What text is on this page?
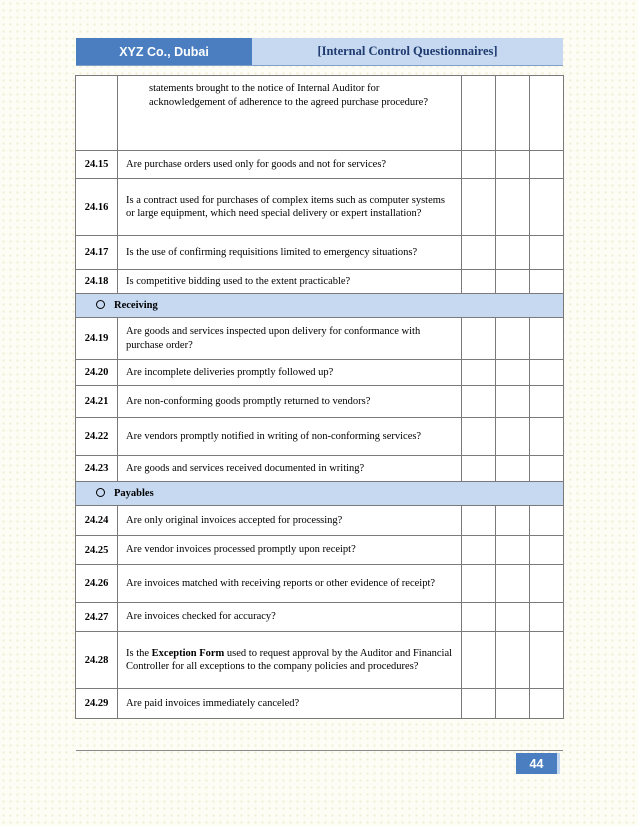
XYZ Co., Dubai	[Internal Control Questionnaires]
	statements brought to the notice of Internal Auditor for acknowledgement of adherence to the agreed purchase procedure?			
24.15	Are purchase orders used only for goods and not for services?			
24.16	Is a contract used for purchases of complex items such as computer systems or large equipment, which need special delivery or expert installation?			
24.17	Is the use of confirming requisitions limited to emergency situations?			
24.18	Is competitive bidding used to the extent practicable?			
Receiving				
24.19	Are goods and services inspected upon delivery for conformance with purchase order?			
24.20	Are incomplete deliveries promptly followed up?			
24.21	Are non-conforming goods promptly returned to vendors?			
24.22	Are vendors promptly notified in writing of non-conforming services?			
24.23	Are goods and services received documented in writing?			
Payables				
24.24	Are only original invoices accepted for processing?			
24.25	Are vendor invoices processed promptly upon receipt?			
24.26	Are invoices matched with receiving reports or other evidence of receipt?			
24.27	Are invoices checked for accuracy?			
24.28	Is the Exception Form used to request approval by the Auditor and Financial Controller for all exceptions to the company policies and procedures?			
24.29	Are paid invoices immediately canceled?			
44
